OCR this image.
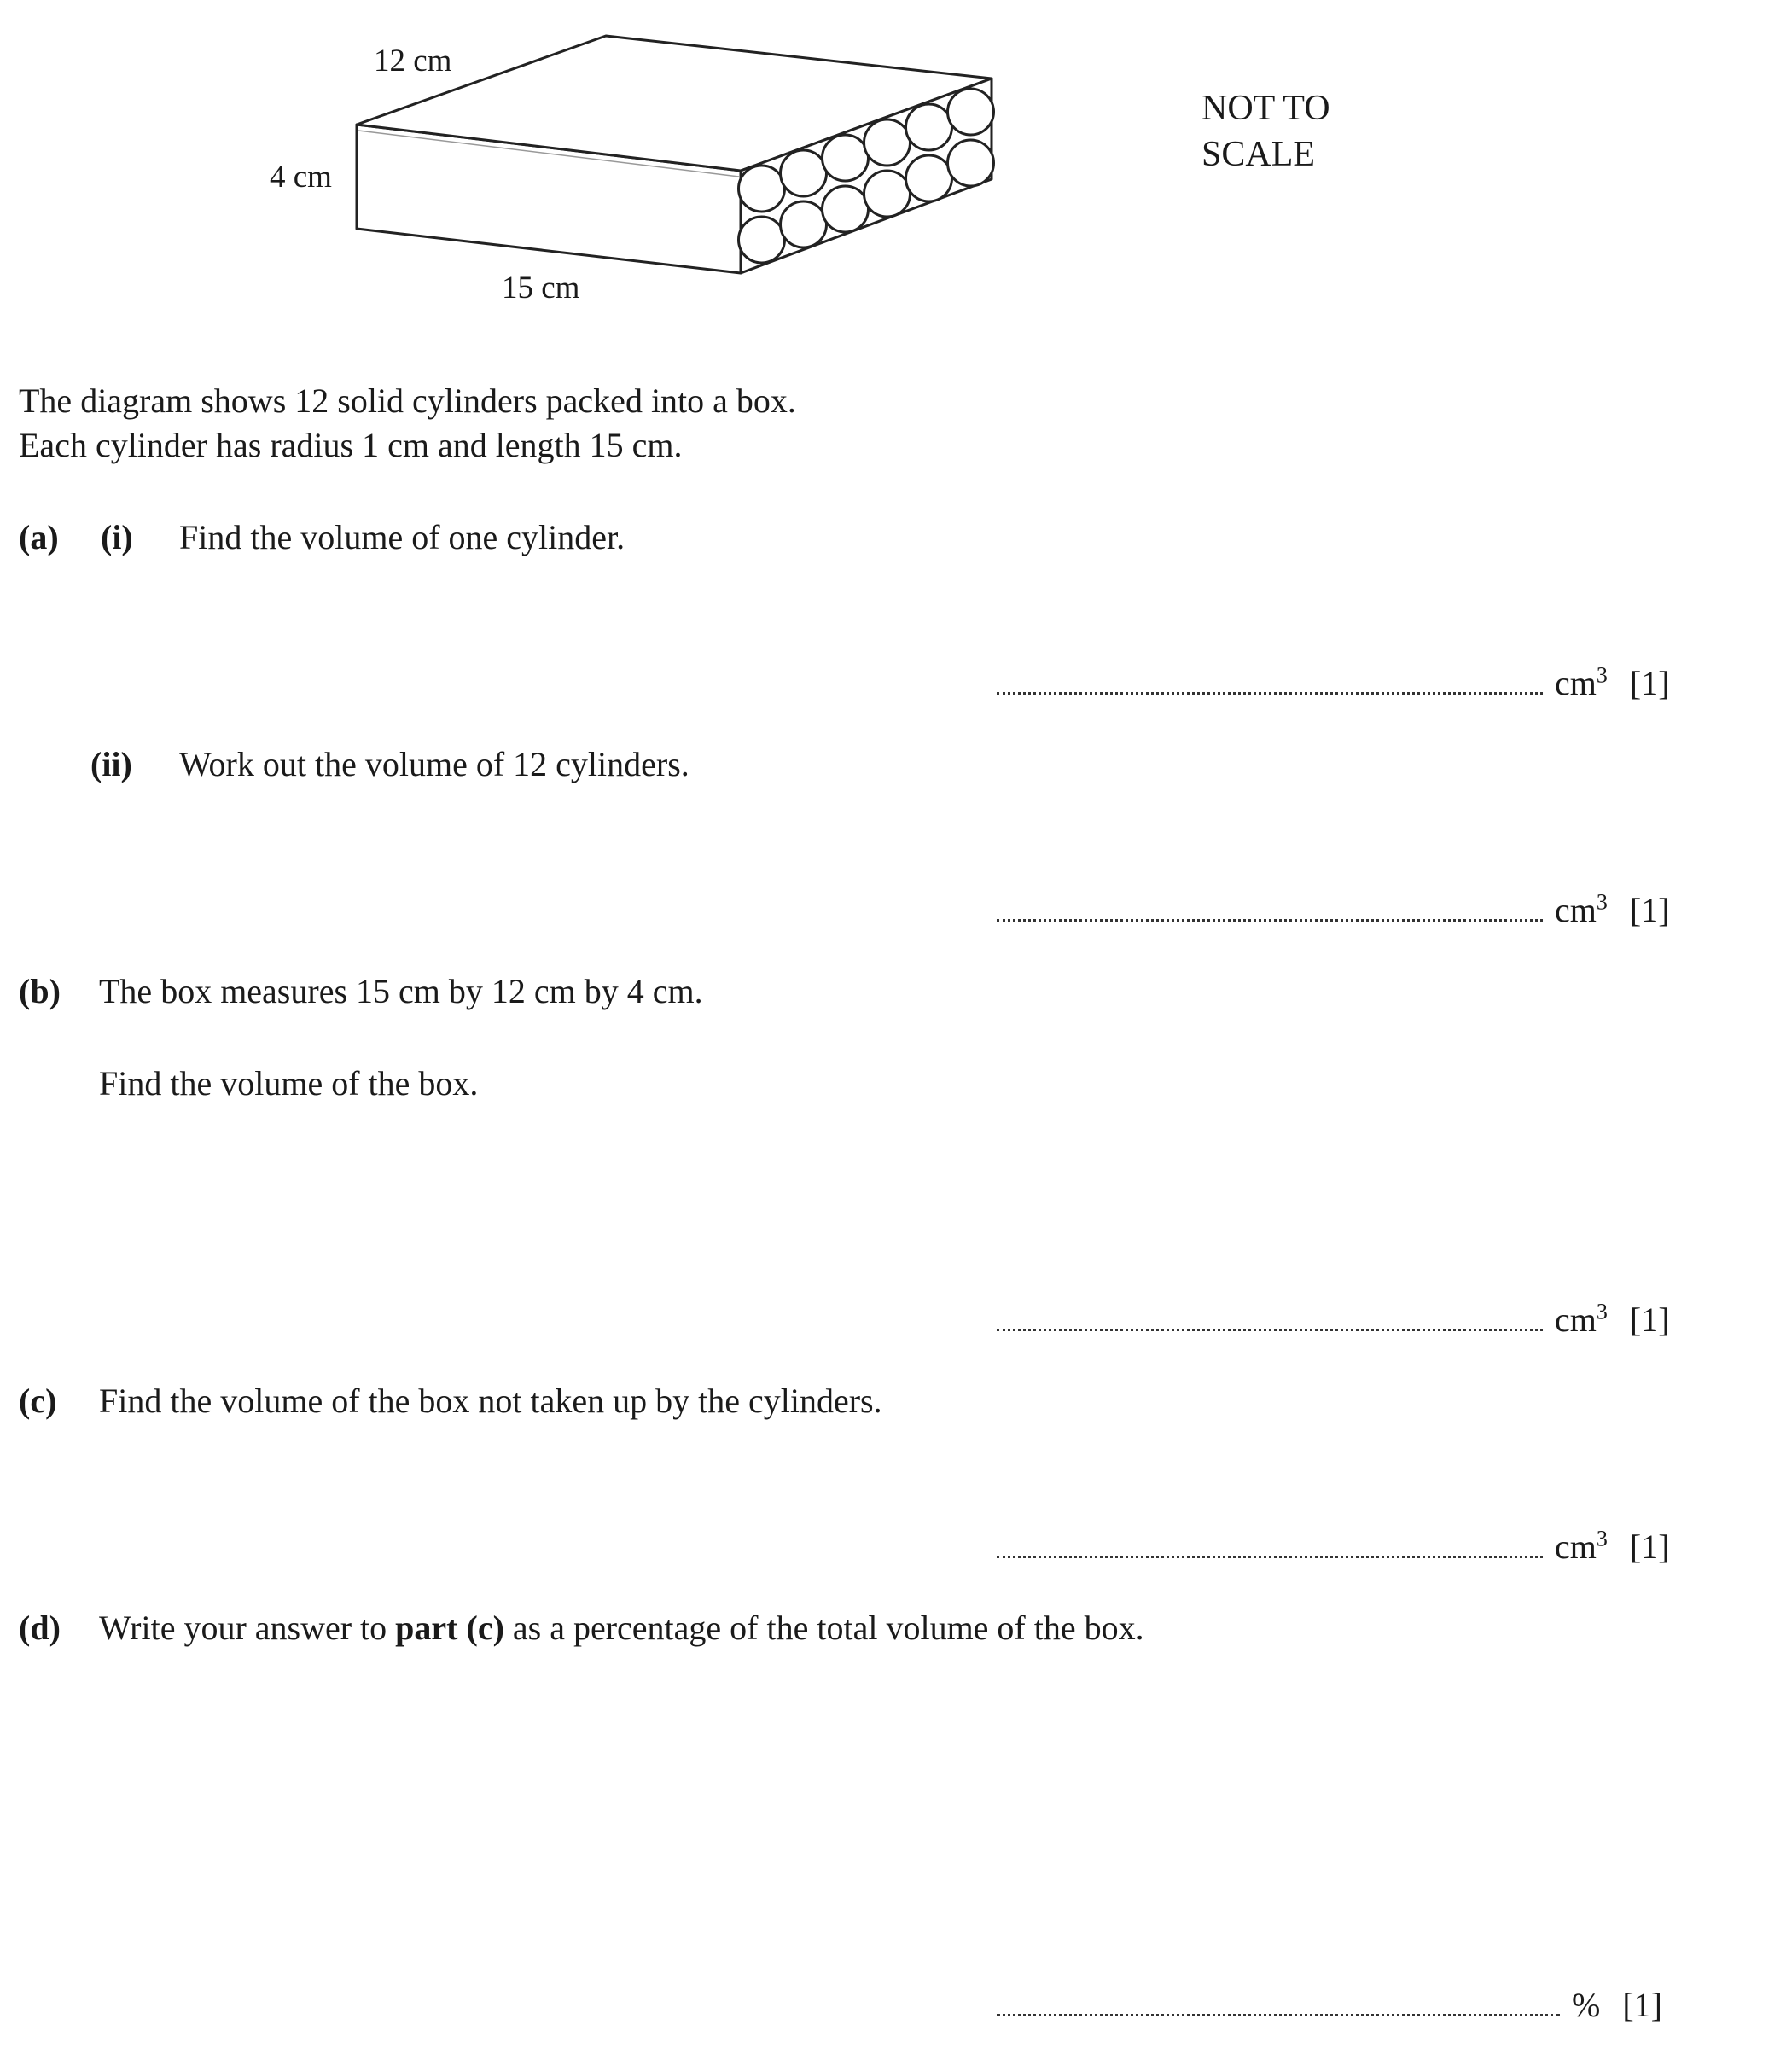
12 cm
4 cm
15 cm
NOT TO
SCALE
The diagram shows 12 solid cylinders packed into a box.
Each cylinder has radius 1 cm and length 15 cm.
(a) (i) Find the volume of one cylinder.
$cm^3$ [1]
(ii) Work out the volume of 12 cylinders.
$cm^3$ [1]
(b) The box measures 15 cm by 12 cm by 4 cm.
Find the volume of the box.
$cm^3$ [1]
(c) Find the volume of the box not taken up by the cylinders.
$cm^3$ [1]
(d) Write your answer to part (c) as a percentage of the total volume of the box.
% [1]
